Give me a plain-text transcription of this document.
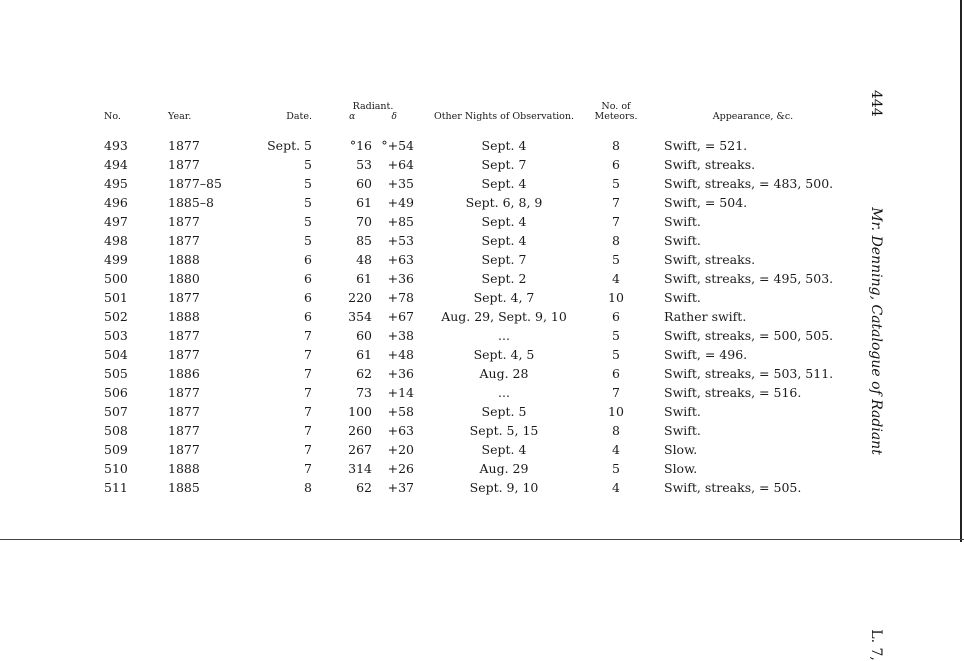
No.	Year.	Date.	Radiant.
α δ		Other Nights of Observation.	No. of Meteors.		Appearance, &c.
493	1877	Sept. 5	°16	°+54	Sept. 4	8		Swift, = 521.
494	1877	5	53	+64	Sept. 7	6		Swift, streaks.
495	1877–85	5	60	+35	Sept. 4	5		Swift, streaks, = 483, 500.
496	1885–8	5	61	+49	Sept. 6, 8, 9	7		Swift, = 504.
497	1877	5	70	+85	Sept. 4	7		Swift.
498	1877	5	85	+53	Sept. 4	8		Swift.
499	1888	6	48	+63	Sept. 7	5		Swift, streaks.
500	1880	6	61	+36	Sept. 2	4		Swift, streaks, = 495, 503.
501	1877	6	220	+78	Sept. 4, 7	10		Swift.
502	1888	6	354	+67	Aug. 29, Sept. 9, 10	6		Rather swift.
503	1877	7	60	+38	...	5		Swift, streaks, = 500, 505.
504	1877	7	61	+48	Sept. 4, 5	5		Swift, = 496.
505	1886	7	62	+36	Aug. 28	6		Swift, streaks, = 503, 511.
506	1877	7	73	+14	...	7		Swift, streaks, = 516.
507	1877	7	100	+58	Sept. 5	10		Swift.
508	1877	7	260	+63	Sept. 5, 15	8		Swift.
509	1877	7	267	+20	Sept. 4	4		Slow.
510	1888	7	314	+26	Aug. 29	5		Slow.
511	1885	8	62	+37	Sept. 9, 10	4		Swift, streaks, = 505.
444 Mr. Denning, Catalogue of Radiant L. 7,
